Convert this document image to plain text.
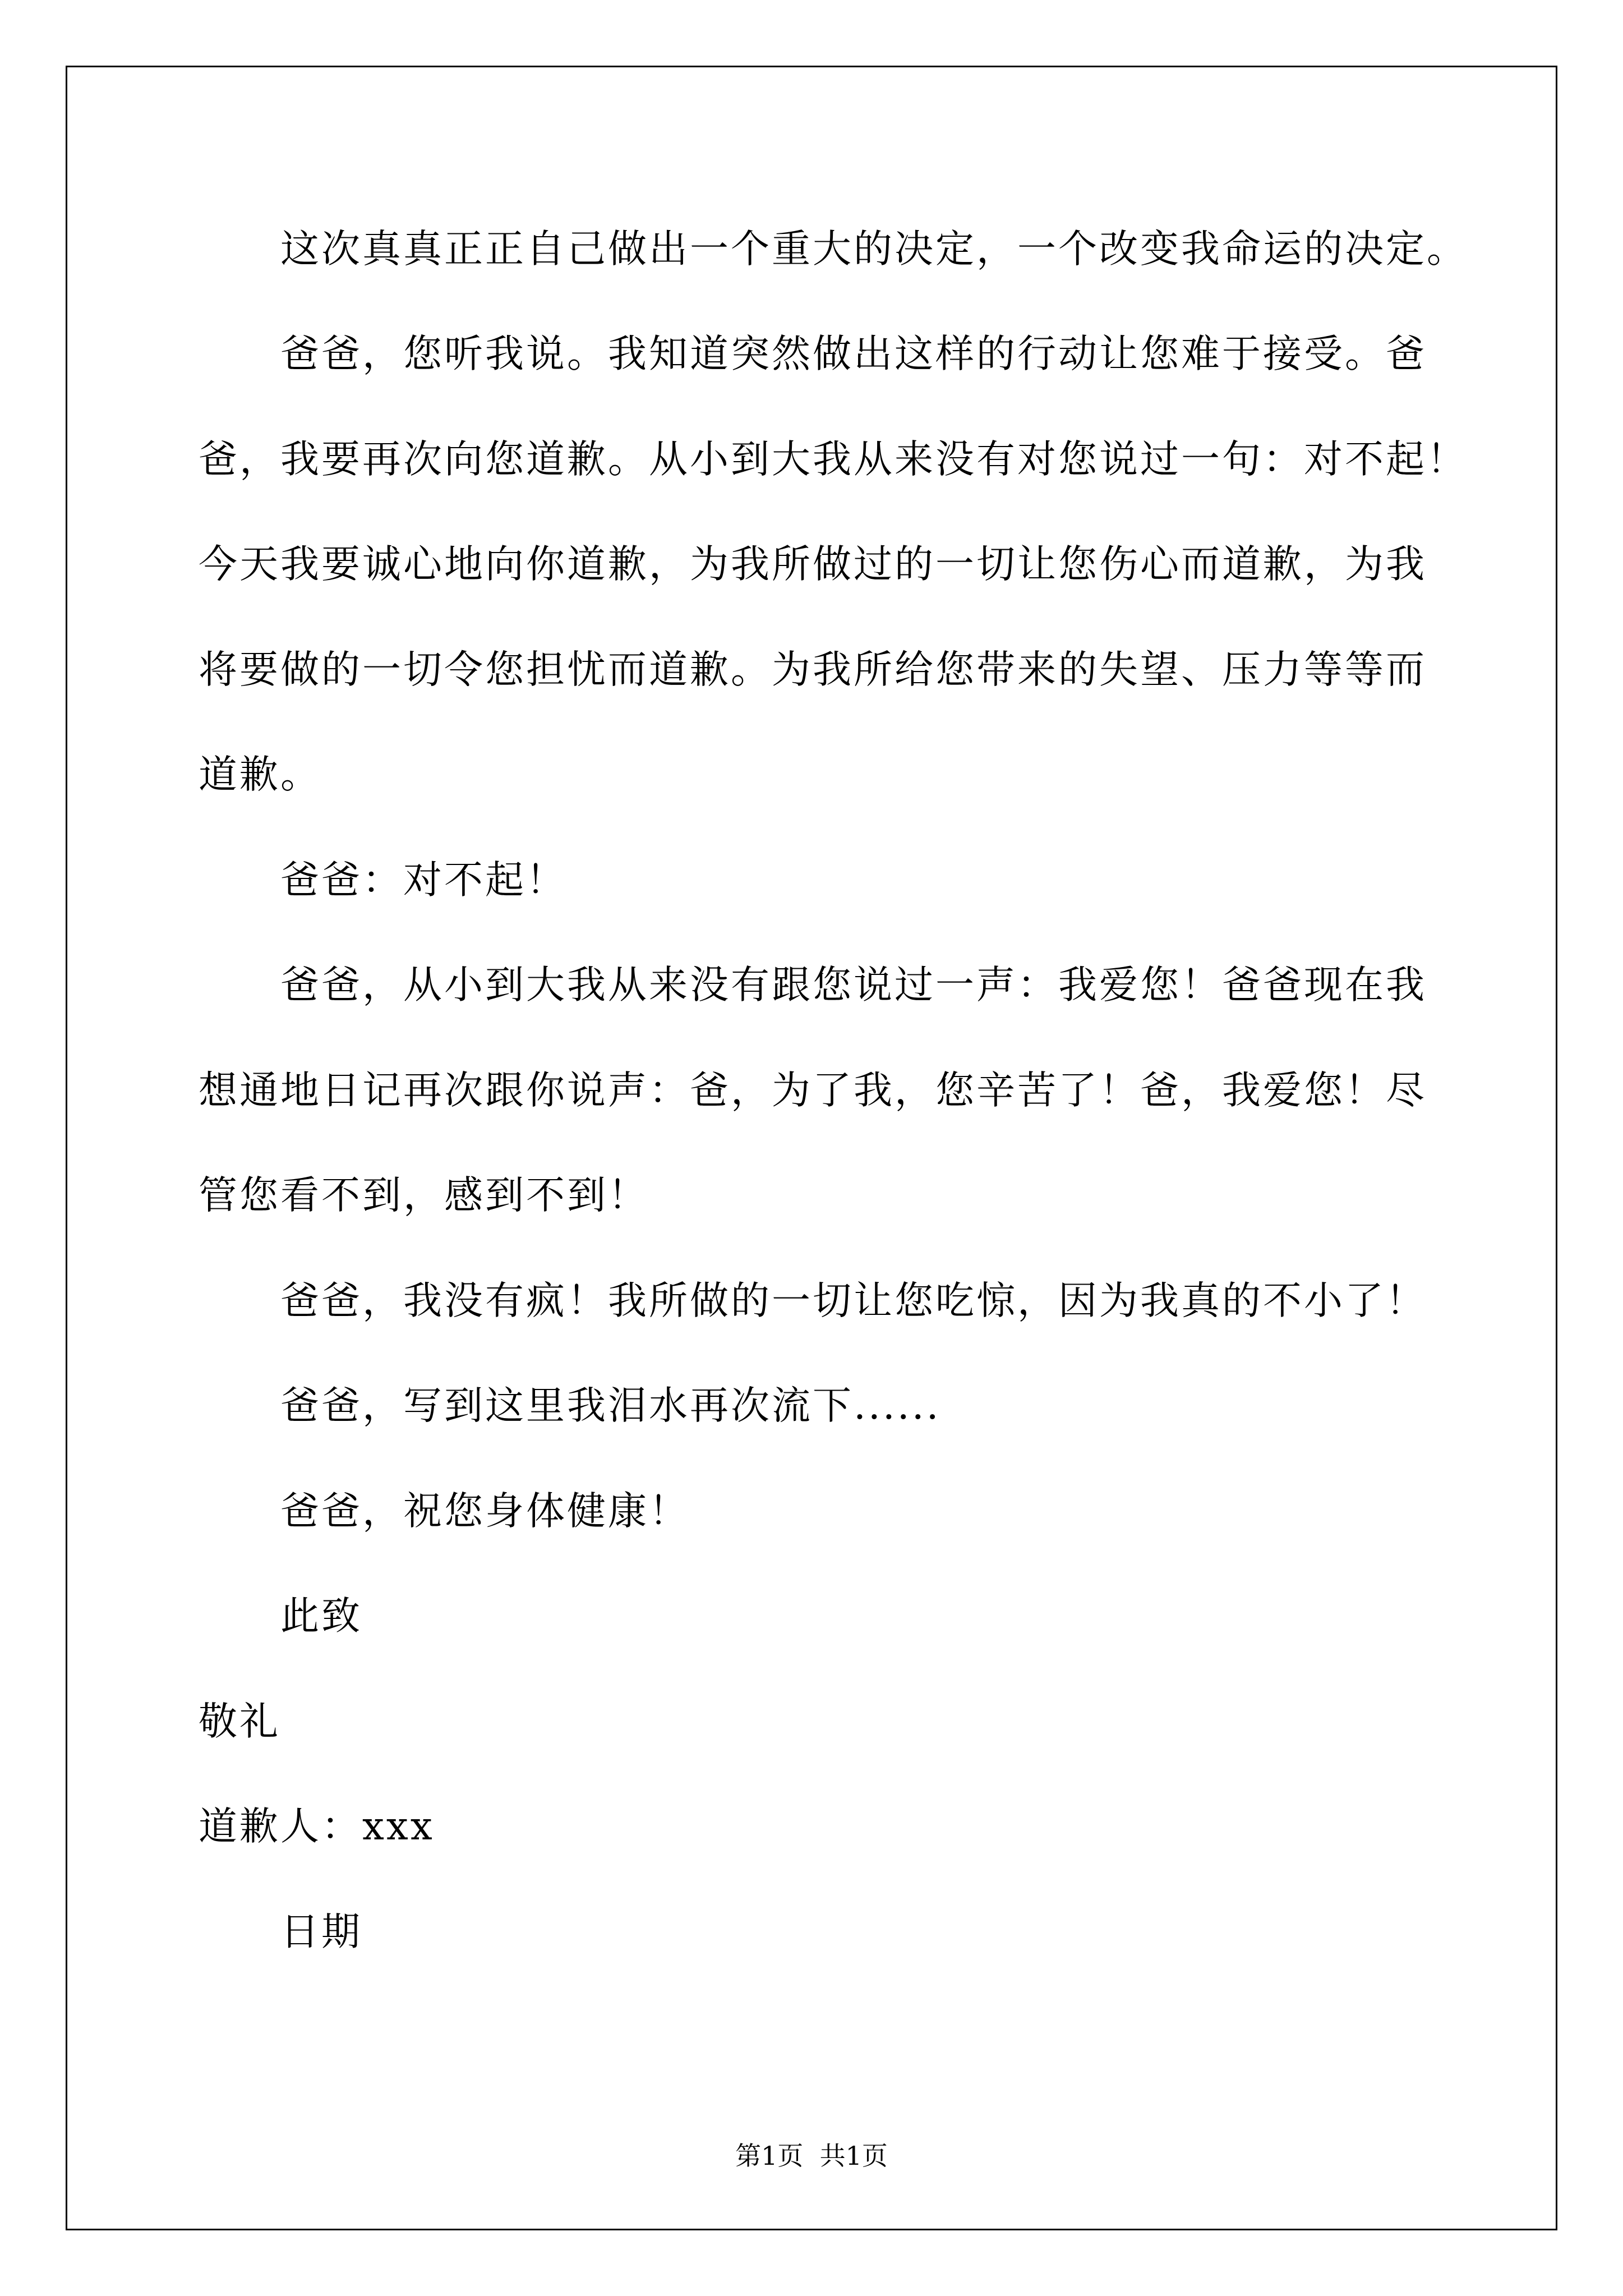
这次真真正正自己做出一个重大的决定，一个改变我命运的决定。
爸爸，您听我说。我知道突然做出这样的行动让您难于接受。爸
爸，我要再次向您道歉。从小到大我从来没有对您说过一句：对不起！
今天我要诚心地向你道歉，为我所做过的一切让您伤心而道歉，为我
将要做的一切令您担忧而道歉。为我所给您带来的失望、压力等等而
道歉。
爸爸：对不起！
爸爸，从小到大我从来没有跟您说过一声：我爱您！爸爸现在我
想通地日记再次跟你说声：爸，为了我，您辛苦了！爸，我爱您！尽
管您看不到，感到不到！
爸爸，我没有疯！我所做的一切让您吃惊，因为我真的不小了！
爸爸，写到这里我泪水再次流下......
爸爸，祝您身体健康！
此致
敬礼
道歉人：xxx
日期
第1页  共1页
